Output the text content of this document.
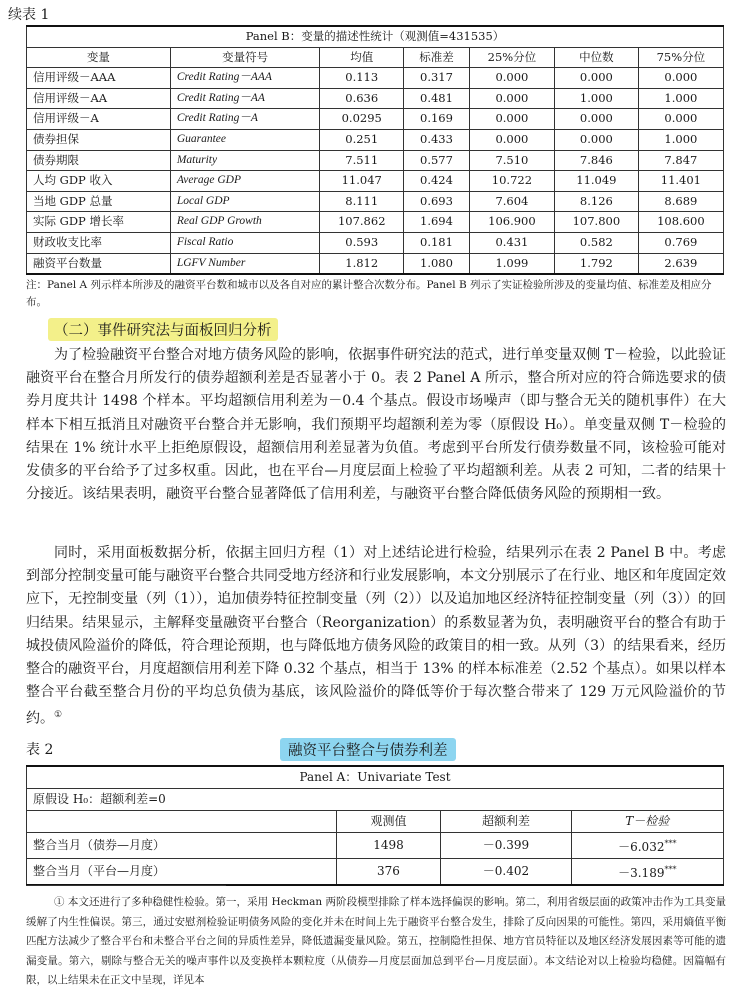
续表 1
Panel B：变量的描述性统计（观测值=431535）						
变量	变量符号	均值	标准差	25%分位	中位数	75%分位
信用评级－AAA	Credit Rating－AAA	0.113	0.317	0.000	0.000	0.000
信用评级－AA	Credit Rating－AA	0.636	0.481	0.000	1.000	1.000
信用评级－A	Credit Rating－A	0.0295	0.169	0.000	0.000	0.000
债券担保	Guarantee	0.251	0.433	0.000	0.000	1.000
债券期限	Maturity	7.511	0.577	7.510	7.846	7.847
人均 GDP 收入	Average GDP	11.047	0.424	10.722	11.049	11.401
当地 GDP 总量	Local GDP	8.111	0.693	7.604	8.126	8.689
实际 GDP 增长率	Real GDP Growth	107.862	1.694	106.900	107.800	108.600
财政收支比率	Fiscal Ratio	0.593	0.181	0.431	0.582	0.769
融资平台数量	LGFV Number	1.812	1.080	1.099	1.792	2.639
注：Panel A 列示样本所涉及的融资平台数和城市以及各自对应的累计整合次数分布。Panel B 列示了实证检验所涉及的变量均值、标准差及相应分布。
（二）事件研究法与面板回归分析

为了检验融资平台整合对地方债务风险的影响，依据事件研究法的范式，进行单变量双侧 T－检验，以此验证融资平台在整合月所发行的债券超额利差是否显著小于 0。表 2 Panel A 所示，整合所对应的符合筛选要求的债券月度共计 1498 个样本。平均超额信用利差为－0.4 个基点。假设市场噪声（即与整合无关的随机事件）在大样本下相互抵消且对融资平台整合并无影响，我们预期平均超额利差为零（原假设 H₀）。单变量双侧 T－检验的结果在 1% 统计水平上拒绝原假设，超额信用利差显著为负值。考虑到平台所发行债券数量不同，该检验可能对发债多的平台给予了过多权重。因此，也在平台—月度层面上检验了平均超额利差。从表 2 可知，二者的结果十分接近。该结果表明，融资平台整合显著降低了信用利差，与融资平台整合降低债务风险的预期相一致。

同时，采用面板数据分析，依据主回归方程（1）对上述结论进行检验，结果列示在表 2 Panel B 中。考虑到部分控制变量可能与融资平台整合共同受地方经济和行业发展影响，本文分别展示了在行业、地区和年度固定效应下，无控制变量（列（1）），追加债券特征控制变量（列（2））以及追加地区经济特征控制变量（列（3））的回归结果。结果显示，主解释变量融资平台整合（Reorganization）的系数显著为负，表明融资平台的整合有助于城投债风险溢价的降低，符合理论预期，也与降低地方债务风险的政策目的相一致。从列（3）的结果看来，经历整合的融资平台，月度超额信用利差下降 0.32 个基点，相当于 13% 的样本标准差（2.52 个基点）。如果以样本整合平台截至整合月份的平均总负债为基底，该风险溢价的降低等价于每次整合带来了 129 万元风险溢价的节约。①

表 2	融资平台整合与债券利差
Panel A：Univariate Test			
原假设 H₀：超额利差=0			
	观测值	超额利差	T－检验
整合当月（债券—月度）	1498	－0.399	－6.032***
整合当月（平台—月度）	376	－0.402	－3.189***

① 本文还进行了多种稳健性检验。第一，采用 Heckman 两阶段模型排除了样本选择偏误的影响。第二，利用省级层面的政策冲击作为工具变量缓解了内生性偏误。第三，通过安慰剂检验证明债务风险的变化并未在时间上先于融资平台整合发生，排除了反向因果的可能性。第四，采用熵值平衡匹配方法减少了整合平台和未整合平台之间的异质性差异，降低遗漏变量风险。第五，控制隐性担保、地方官员特征以及地区经济发展因素等可能的遗漏变量。第六，剔除与整合无关的噪声事件以及变换样本颗粒度（从债券—月度层面加总到平台—月度层面）。本文结论对以上检验均稳健。因篇幅有限，以上结果未在正文中呈现，详见本
